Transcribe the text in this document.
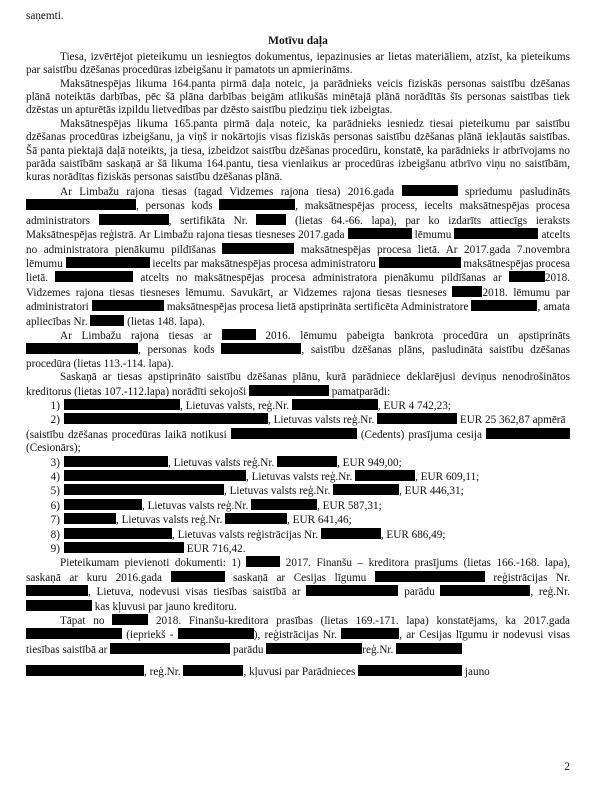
saņemti.

Motīvu daļa

Tiesa, izvērtējot pieteikumu un iesniegtos dokumentus, iepazinusies ar lietas materiāliem, atzīst, ka pieteikums par saistību dzēšanas procedūras izbeigšanu ir pamatots un apmierināms.

Maksātnespējas likuma 164.panta pirmā daļa noteic, ja parādnieks veicis fiziskās personas saistību dzēšanas plānā noteiktās darbības, pēc šā plāna darbības beigām atlikušās minētajā plānā norādītās šīs personas saistības tiek dzēstas un apturētās izpildu lietvedības par dzēsto saistību piedziņu tiek izbeigtas.

Maksātnespējas likuma 165.panta pirmā daļa noteic, ka parādnieks iesniedz tiesai pieteikumu par saistību dzēšanas procedūras izbeigšanu, ja viņš ir nokārtojis visas fiziskās personas saistību dzēšanas plānā iekļautās saistības. Šā panta piektajā daļā noteikts, ja tiesa, izbeidzot saistību dzēšanas procedūru, konstatē, ka parādnieks ir atbrīvojams no parāda saistībām saskaņā ar šā likuma 164.pantu, tiesa vienlaikus ar procedūras izbeigšanu atbrīvo viņu no saistībām, kuras norādītas fiziskās personas saistību dzēšanas plānā.

Ar Limbažu rajona tiesas (tagad Vidzemes rajona tiesa) 2016.gada	spriedumu pasludināts , personas kods	, maksātnespējas process, iecelts maksātnespējas procesa administrators	, sertifikāta Nr.	(lietas 64.-66. lapa), par ko izdarīts attiecīgs ieraksts Maksātnespējas reģistrā. Ar Limbažu rajona tiesas tiesneses 2017.gada	lēmumu	atcelts no administratora pienākumu pildīšanas	maksātnespējas procesa lietā. Ar 2017.gada 7.novembra lēmumu	iecelts par maksātnespējas procesa administratoru	maksātnespējas procesa lietā.	atcelts no maksātnespējas procesa administratora pienākumu pildīšanas ar	2018. Vidzemes rajona tiesas tiesneses lēmumu. Savukārt, ar Vidzemes rajona tiesas tiesneses	2018. lēmumu par administratori	maksātnespējas procesa lietā apstiprināta sertificēta Administratore	, amata apliecības Nr.	(lietas 148. lapa).

Ar Limbažu rajona tiesas ar	2016. lēmumu pabeigta bankrota procedūra un apstiprināts , personas kods	, saistību dzēšanas plāns, pasludināta saistību dzēšanas procedūra (lietas 113.-114. lapa).

Saskaņā ar tiesas apstiprināto saistību dzēšanas plānu, kurā parādniece deklarējusi deviņus nenodrošinātos kreditorus (lietas 107.-112.lapa) norādīti sekojoši	pamatparādi:

1)	, Lietuvas valsts, reģ.Nr.	, EUR 4 742,23;
2)	, Lietuvas valsts reģ.Nr.	EUR 25 362,87 apmērā

(saistību dzēšanas procedūras laikā notikusi	(Cedents) prasījuma cesija  (Cesionārs);

3)	, Lietuvas valsts reģ.Nr.	, EUR 949,00;
4)	, Lietuvas valsts reģ.Nr.	, EUR 609,11;
5)	, Lietuvas valsts reģ.Nr.	, EUR 446,31;
6)	, Lietuvas valsts reģ.Nr.	, EUR 587,31;
7)	, Lietuvas valsts reģ.Nr.	, EUR 641,46;
8)	, Lietuvas valsts reģistrācijas Nr.	, EUR 686,49;
9)	EUR 716,42.

Pieteikumam pievienoti dokumenti: 1)	2017. Finanšu – kreditora prasījums (lietas 166.-168. lapa), saskaņā ar kuru 2016.gada	saskaņā ar Cesijas līgumu	reģistrācijas Nr. , Lietuva, nodevusi visas tiesības saistībā ar	parādu	, reģ.Nr.  kas kļuvusi par jauno kreditoru.

Tāpat no	2018. Finanšu-kreditora prasības (lietas 169.-171. lapa) konstatējams, ka 2017.gada  (iepriekš -	), reģistrācijas Nr.	, ar Cesijas līgumu ir nodevusi visas tiesības saistībā ar	parādu	reģ.Nr.

, reģ.Nr.	, kļuvusi par Parādnieces	jauno

2
